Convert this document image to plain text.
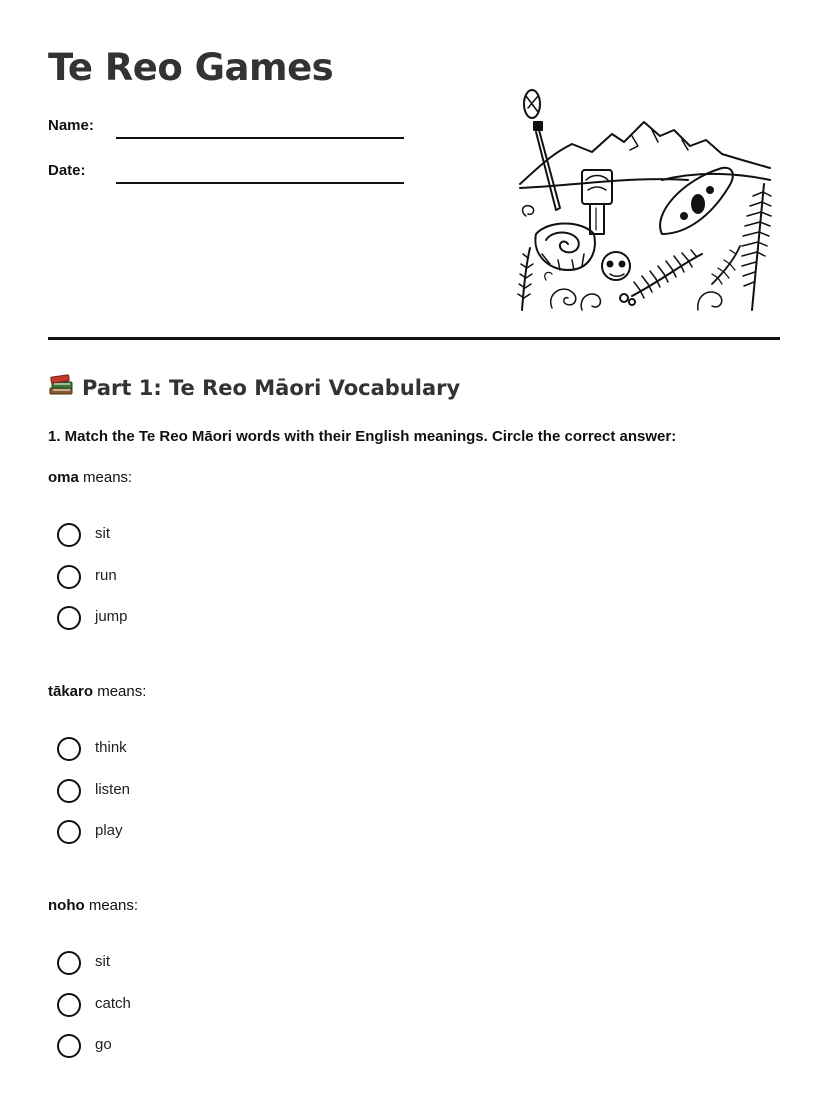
Te Reo Games
Name:
Date:
Part 1: Te Reo Māori Vocabulary
1. Match the Te Reo Māori words with their English meanings. Circle the correct answer:
oma means:
sit
run
jump
tākaro means:
think
listen
play
noho means:
sit
catch
go
